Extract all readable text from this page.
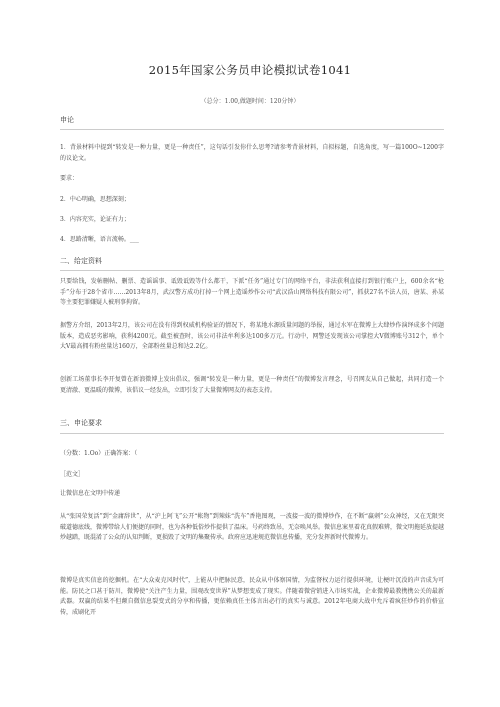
2015年国家公务员申论模拟试卷1041
（总分：1.00,做题时间：120分钟）
申论
1．背景材料中提到“转发是一种力量，更是一种责任”，这句话引发你什么思考?请参考背景材料，自拟标题，自选角度，写一篇100O~1200字的议论文。
要求：
2．中心明确，思想深刻；
3．内容充实，论证有力；
4．思路清晰，语言流畅。___
二、给定资料
只要给钱，发帖删帖、删票、造谣谣事、诋毁诋毁等什么都干，下派“任务”通过专门的网络平台，非法获利直接打到银行账户上，600余名“枪手”分布于28个省市……2013年8月，武汉警方成功打掉一个网上造谣炒作公司“武汉浩山网络科技有限公司”，抓获27名不法人员，唐某、孙某等主要犯罪嫌疑人被刑事拘留。
据警方介绍，2013年2月，该公司在没有得到权威机构验证的情况下，将某地水源质量问题的举报，通过水军在微博上大肆炒作演绎成多个问题版本，造成恶劣影响，获利4200元。截至被查时，该公司非法牟利多达100多万元。行动中，网警还发现该公司掌控大V微博账号312个，单个大V最高拥有粉丝量达160万，全部粉丝量总和达2.2亿。
创新工场董事长李开复曾在新浪微博上发出倡议，强调“转发是一种力量，更是一种责任”的微博发言理念，号召网友从自己做起，共同打造一个更清澈、更温暖的微博，该倡议一经发出，立即引发了大量微博网友的表态支持。
三、申论要求
（分数：1.Oo）正确答案：（
［范文］
让微信息在文明中传递
从“张国荣复活”到“金庸辞世”，从“沪上阿飞”公开“帐物”到辣妹“洗车”香艳图观，一波接一波的微博炒作，在不断“赢刺”公众神经，又在无限突破道德底线，微博带给人们便捷的同时，也为各种低俗炒作提供了温床。号药终致吊，无奈唤风举。微信息案里着花真假难辨，微文明拖延放提越炒越踏，既混淆了公众的认知判断，更损毁了文明的集聚传承。政府应迅速规范微信息传播，充分发挥新时代微博力。
微博是真实信息的挖掘机。在“大众麦克风时代”，上能从中把脉民意，民众从中体察国情，为监督权力运行提供环境，让梗叶沉没的声音成为可能。防民之口甚于防川，微博使“关注产生力量，围观改变世界”从梦想变成了现实。伴随着微营销进入市场实战，企业微博最教携携公关的最新武器。双赢的结果不但颠自微信息裂变式的分享和传播，更依赖真任主体言出必行的真实与诚意。2012年电商大战中允斥着疯狂炒作的价格宣传，成刷化开
